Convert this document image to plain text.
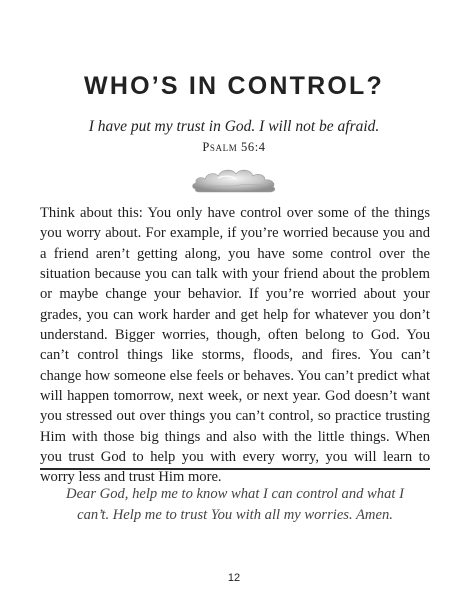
WHO’S IN CONTROL?
I have put my trust in God. I will not be afraid.
Psalm 56:4

Think about this: You only have control over some of the things you worry about. For example, if you’re worried because you and a friend aren’t getting along, you have some control over the situation because you can talk with your friend about the problem or maybe change your behavior. If you’re worried about your grades, you can work harder and get help for whatever you don’t understand. Bigger worries, though, often belong to God. You can’t control things like storms, floods, and fires. You can’t change how someone else feels or behaves. You can’t predict what will happen tomorrow, next week, or next year. God doesn’t want you stressed out over things you can’t control, so practice trusting Him with those big things and also with the little things. When you trust God to help you with every worry, you will learn to worry less and trust Him more.

Dear God, help me to know what I can control and what I can’t. Help me to trust You with all my worries. Amen.

12
